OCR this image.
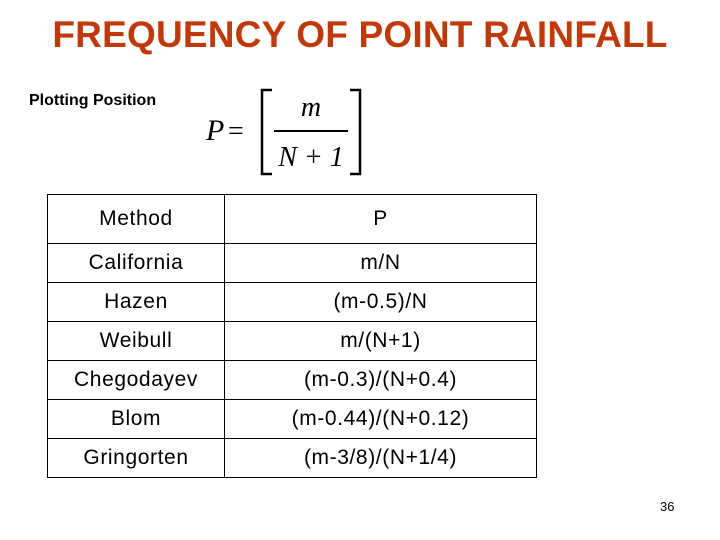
FREQUENCY OF POINT RAINFALL
Plotting Position
P =
m
N + 1
Method	P
California	m/N
Hazen	(m-0.5)/N
Weibull	m/(N+1)
Chegodayev	(m-0.3)/(N+0.4)
Blom	(m-0.44)/(N+0.12)
Gringorten	(m-3/8)/(N+1/4)
36
